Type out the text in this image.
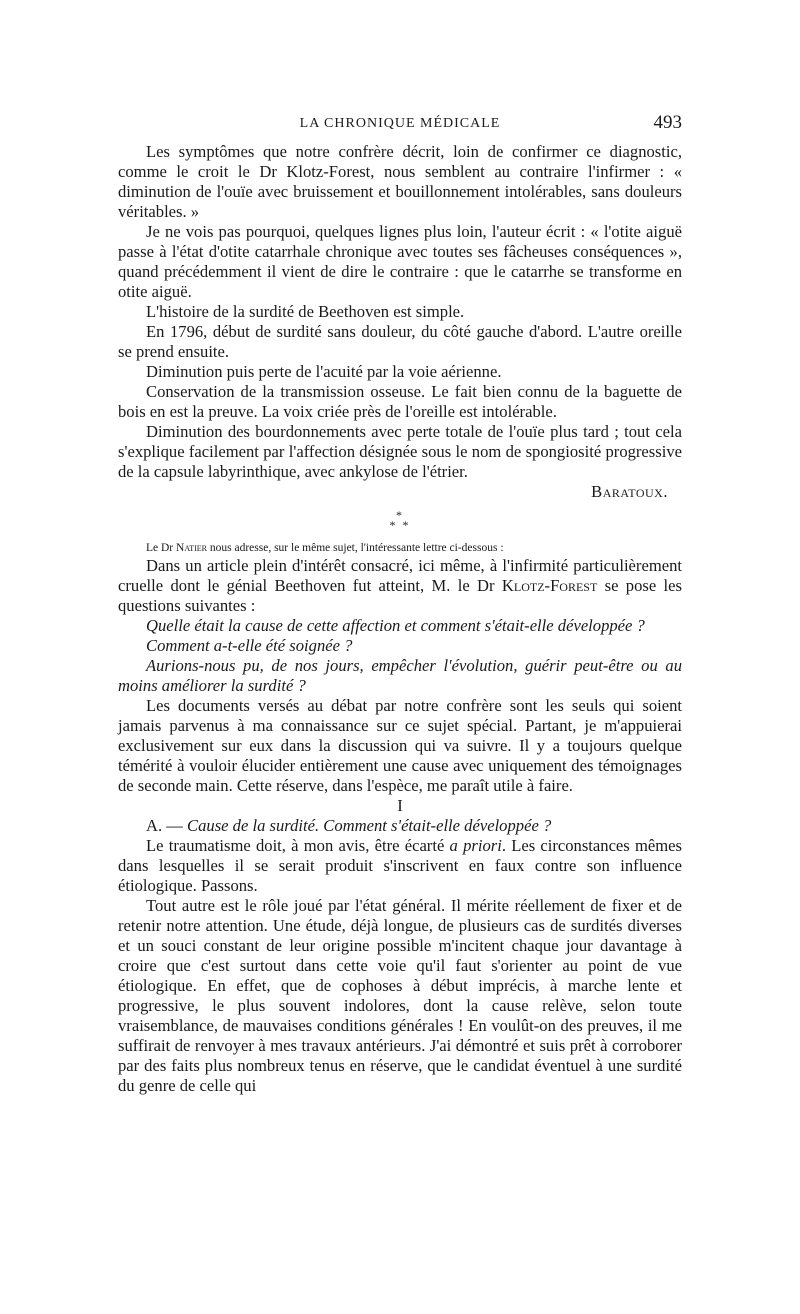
LA CHRONIQUE MÉDICALE	493

Les symptômes que notre confrère décrit, loin de confirmer ce diagnostic, comme le croit le Dr Klotz-Forest, nous semblent au contraire l'infirmer : « diminution de l'ouïe avec bruissement et bouillonnement intolérables, sans douleurs véritables. »

Je ne vois pas pourquoi, quelques lignes plus loin, l'auteur écrit : « l'otite aiguë passe à l'état d'otite catarrhale chronique avec toutes ses fâcheuses conséquences », quand précédemment il vient de dire le contraire : que le catarrhe se transforme en otite aiguë.

L'histoire de la surdité de Beethoven est simple.

En 1796, début de surdité sans douleur, du côté gauche d'abord. L'autre oreille se prend ensuite.

Diminution puis perte de l'acuité par la voie aérienne.

Conservation de la transmission osseuse. Le fait bien connu de la baguette de bois en est la preuve. La voix criée près de l'oreille est intolérable.

Diminution des bourdonnements avec perte totale de l'ouïe plus tard ; tout cela s'explique facilement par l'affection désignée sous le nom de spongiosité progressive de la capsule labyrinthique, avec ankylose de l'étrier.

Baratoux.

*
* *

Le Dr Natier nous adresse, sur le même sujet, l'intéressante lettre ci-dessous :

Dans un article plein d'intérêt consacré, ici même, à l'infirmité particulièrement cruelle dont le génial Beethoven fut atteint, M. le Dr Klotz-Forest se pose les questions suivantes :

Quelle était la cause de cette affection et comment s'était-elle développée ?

Comment a-t-elle été soignée ?

Aurions-nous pu, de nos jours, empêcher l'évolution, guérir peut-être ou au moins améliorer la surdité ?

Les documents versés au débat par notre confrère sont les seuls qui soient jamais parvenus à ma connaissance sur ce sujet spécial. Partant, je m'appuierai exclusivement sur eux dans la discussion qui va suivre. Il y a toujours quelque témérité à vouloir élucider entièrement une cause avec uniquement des témoignages de seconde main. Cette réserve, dans l'espèce, me paraît utile à faire.

I

A. — Cause de la surdité. Comment s'était-elle développée ?

Le traumatisme doit, à mon avis, être écarté a priori. Les circonstances mêmes dans lesquelles il se serait produit s'inscrivent en faux contre son influence étiologique. Passons.

Tout autre est le rôle joué par l'état général. Il mérite réellement de fixer et de retenir notre attention. Une étude, déjà longue, de plusieurs cas de surdités diverses et un souci constant de leur origine possible m'incitent chaque jour davantage à croire que c'est surtout dans cette voie qu'il faut s'orienter au point de vue étiologique. En effet, que de cophoses à début imprécis, à marche lente et progressive, le plus souvent indolores, dont la cause relève, selon toute vraisemblance, de mauvaises conditions générales ! En voulût-on des preuves, il me suffirait de renvoyer à mes travaux antérieurs. J'ai démontré et suis prêt à corroborer par des faits plus nombreux tenus en réserve, que le candidat éventuel à une surdité du genre de celle qui
